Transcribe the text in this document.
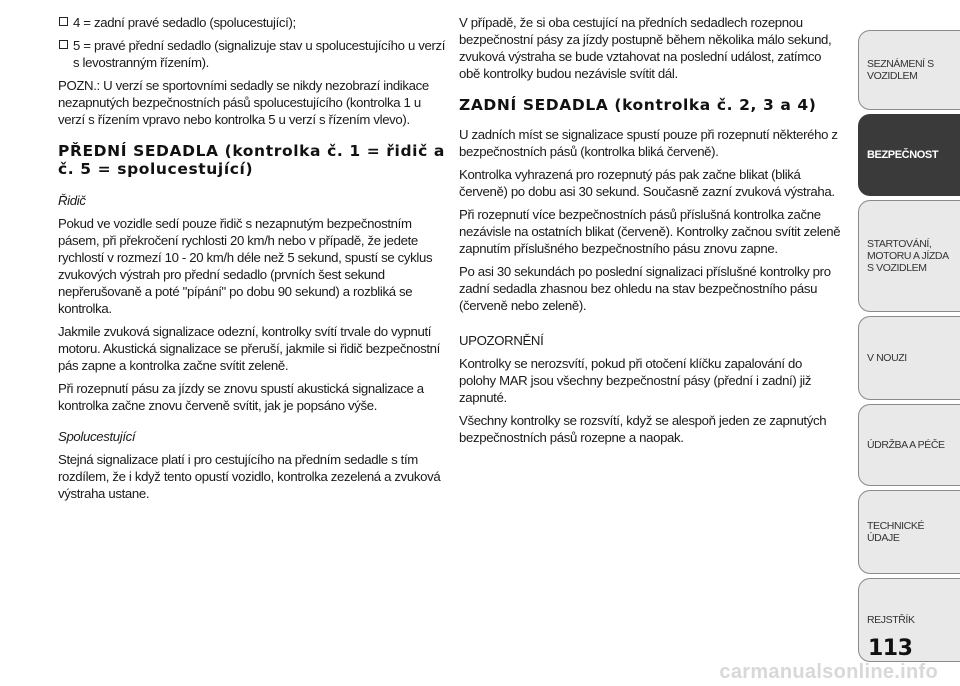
4 = zadní pravé sedadlo (spolucestující);
5 = pravé přední sedadlo (signalizuje stav u spolucestujícího u verzí s levostranným řízením).

POZN.: U verzí se sportovními sedadly se nikdy nezobrazí indikace nezapnutých bezpečnostních pásů spolucestujícího (kontrolka 1 u verzí s řízením vpravo nebo kontrolka 5 u verzí s řízením vlevo).

PŘEDNÍ SEDADLA (kontrolka č. 1 = řidič a č. 5 = spolucestující)
Řidič

Pokud ve vozidle sedí pouze řidič s nezapnutým bezpečnostním pásem, při překročení rychlosti 20 km/h nebo v případě, že jedete rychlostí v rozmezí 10 - 20 km/h déle než 5 sekund, spustí se cyklus zvukových výstrah pro přední sedadlo (prvních šest sekund nepřerušovaně a poté "pípání" po dobu 90 sekund) a rozbliká se kontrolka.

Jakmile zvuková signalizace odezní, kontrolky svítí trvale do vypnutí motoru. Akustická signalizace se přeruší, jakmile si řidič bezpečnostní pás zapne a kontrolka začne svítit zeleně.

Při rozepnutí pásu za jízdy se znovu spustí akustická signalizace a kontrolka začne znovu červeně svítit, jak je popsáno výše.

Spolucestující

Stejná signalizace platí i pro cestujícího na předním sedadle s tím rozdílem, že i když tento opustí vozidlo, kontrolka zezelená a zvuková výstraha ustane.

V případě, že si oba cestující na předních sedadlech rozepnou bezpečnostní pásy za jízdy postupně během několika málo sekund, zvuková výstraha se bude vztahovat na poslední událost, zatímco obě kontrolky budou nezávisle svítit dál.

ZADNÍ SEDADLA (kontrolka č. 2, 3 a 4)

U zadních míst se signalizace spustí pouze při rozepnutí některého z bezpečnostních pásů (kontrolka bliká červeně).

Kontrolka vyhrazená pro rozepnutý pás pak začne blikat (bliká červeně) po dobu asi 30 sekund. Současně zazní zvuková výstraha.

Při rozepnutí více bezpečnostních pásů příslušná kontrolka začne nezávisle na ostatních blikat (červeně). Kontrolky začnou svítit zeleně zapnutím příslušného bezpečnostního pásu znovu zapne.

Po asi 30 sekundách po poslední signalizaci příslušné kontrolky pro zadní sedadla zhasnou bez ohledu na stav bezpečnostního pásu (červeně nebo zeleně).

UPOZORNĚNÍ

Kontrolky se nerozsvítí, pokud při otočení klíčku zapalování do polohy MAR jsou všechny bezpečnostní pásy (přední i zadní) již zapnuté.

Všechny kontrolky se rozsvítí, když se alespoň jeden ze zapnutých bezpečnostních pásů rozepne a naopak.

SEZNÁMENÍ S VOZIDLEM
BEZPEČNOST
STARTOVÁNÍ, MOTORU A JÍZDA S VOZIDLEM
V NOUZI
ÚDRŽBA A PÉČE
TECHNICKÉ ÚDAJE
REJSTŘÍK
113
carmanualsonline.info
